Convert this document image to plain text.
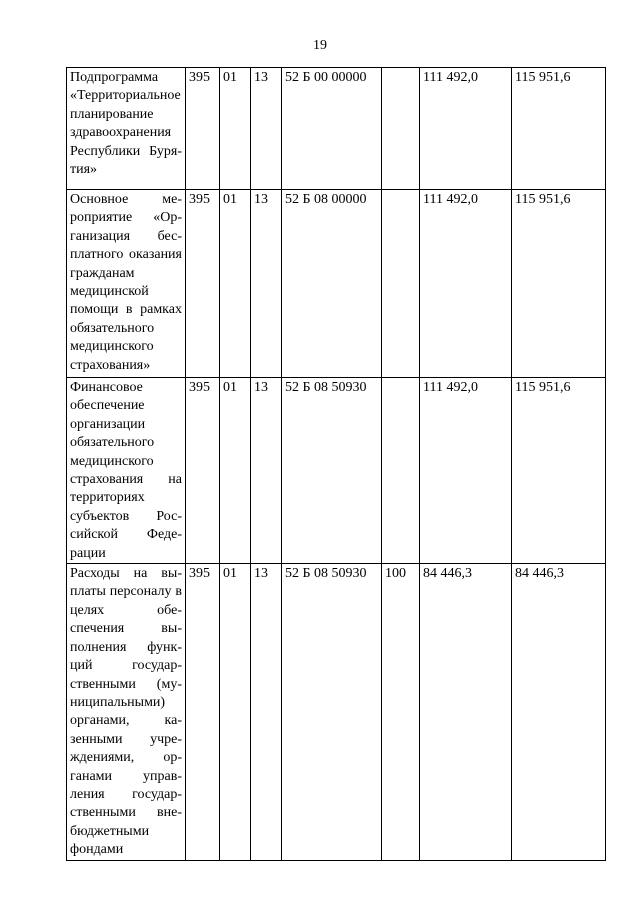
19
Подпрограмма «Территориальное планирование здравоохранения Республики Бурятия»	395	01	13	52 Б 00 00000		111 492,0	115 951,6
Основное мероприятие «Организация бесплатного оказания гражданам медицинской помощи в рамках обязательного медицинского страхования»	395	01	13	52 Б 08 00000		111 492,0	115 951,6
Финансовое обеспечение организации обязательного медицинского страхования на территориях субъектов Российской Федерации	395	01	13	52 Б 08 50930		111 492,0	115 951,6
Расходы на выплаты персоналу в целях обеспечения выполнения функций государственными (муниципальными) органами, казенными учреждениями, органами управления государственными внебюджетными фондами	395	01	13	52 Б 08 50930	100	84 446,3	84 446,3
